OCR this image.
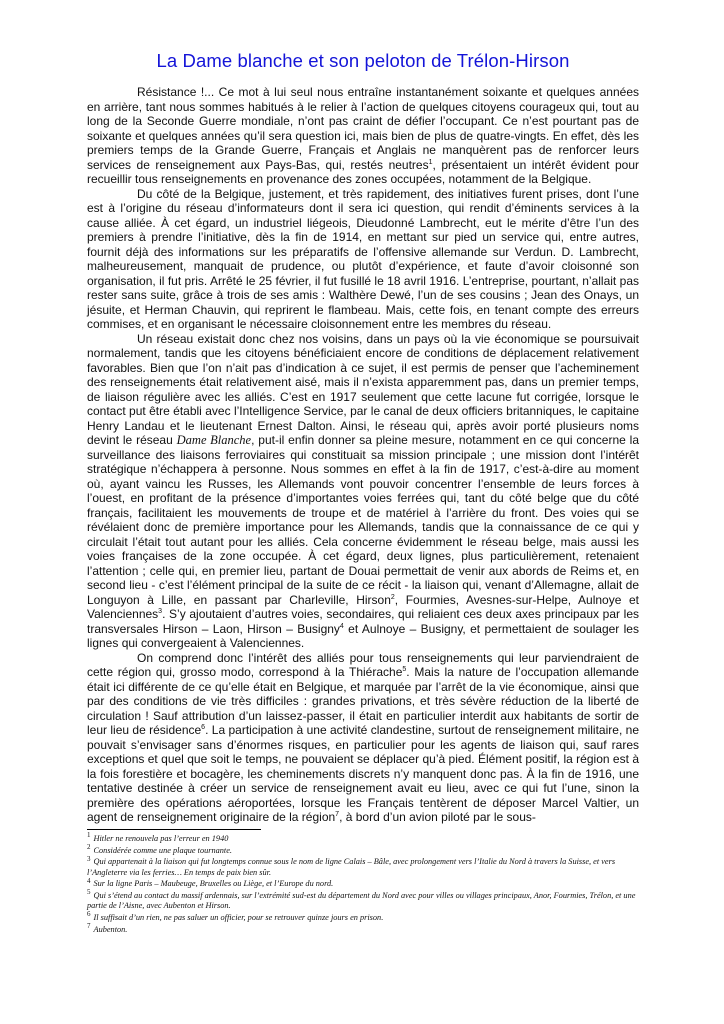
La Dame blanche et son peloton de Trélon-Hirson

Résistance !... Ce mot à lui seul nous entraîne instantanément soixante et quelques années en arrière, tant nous sommes habitués à le relier à l’action de quelques citoyens courageux qui, tout au long de la Seconde Guerre mondiale, n’ont pas craint de défier l’occupant. Ce n’est pourtant pas de soixante et quelques années qu’il sera question ici, mais bien de plus de quatre-vingts. En effet, dès les premiers temps de la Grande Guerre, Français et Anglais ne manquèrent pas de renforcer leurs services de renseignement aux Pays-Bas, qui, restés neutres$^1$, présentaient un intérêt évident pour recueillir tous renseignements en provenance des zones occupées, notamment de la Belgique.

Du côté de la Belgique, justement, et très rapidement, des initiatives furent prises, dont l’une est à l’origine du réseau d’informateurs dont il sera ici question, qui rendit d’éminents services à la cause alliée. À cet égard, un industriel liégeois, Dieudonné Lambrecht, eut le mérite d’être l’un des premiers à prendre l’initiative, dès la fin de 1914, en mettant sur pied un service qui, entre autres, fournit déjà des informations sur les préparatifs de l’offensive allemande sur Verdun. D. Lambrecht, malheureusement, manquait de prudence, ou plutôt d’expérience, et faute d’avoir cloisonné son organisation, il fut pris. Arrêté le 25 février, il fut fusillé le 18 avril 1916. L’entreprise, pourtant, n’allait pas rester sans suite, grâce à trois de ses amis : Walthère Dewé, l’un de ses cousins ; Jean des Onays, un jésuite, et Herman Chauvin, qui reprirent le flambeau. Mais, cette fois, en tenant compte des erreurs commises, et en organisant le nécessaire cloisonnement entre les membres du réseau.

Un réseau existait donc chez nos voisins, dans un pays où la vie économique se poursuivait normalement, tandis que les citoyens bénéficiaient encore de conditions de déplacement relativement favorables. Bien que l’on n’ait pas d’indication à ce sujet, il est permis de penser que l’acheminement des renseignements était relativement aisé, mais il n’exista apparemment pas, dans un premier temps, de liaison régulière avec les alliés. C’est en 1917 seulement que cette lacune fut corrigée, lorsque le contact put être établi avec l’Intelligence Service, par le canal de deux officiers britanniques, le capitaine Henry Landau et le lieutenant Ernest Dalton. Ainsi, le réseau qui, après avoir porté plusieurs noms devint le réseau Dame Blanche, put-il enfin donner sa pleine mesure, notamment en ce qui concerne la surveillance des liaisons ferroviaires qui constituait sa mission principale ; une mission dont l’intérêt stratégique n’échappera à personne. Nous sommes en effet à la fin de 1917, c’est-à-dire au moment où, ayant vaincu les Russes, les Allemands vont pouvoir concentrer l’ensemble de leurs forces à l’ouest, en profitant de la présence d’importantes voies ferrées qui, tant du côté belge que du côté français, facilitaient les mouvements de troupe et de matériel à l’arrière du front. Des voies qui se révélaient donc de première importance pour les Allemands, tandis que la connaissance de ce qui y circulait l’était tout autant pour les alliés. Cela concerne évidemment le réseau belge, mais aussi les voies françaises de la zone occupée. À cet égard, deux lignes, plus particulièrement, retenaient l’attention ; celle qui, en premier lieu, partant de Douai permettait de venir aux abords de Reims et, en second lieu - c’est l’élément principal de la suite de ce récit - la liaison qui, venant d’Allemagne, allait de Longuyon à Lille, en passant par Charleville, Hirson$^2$, Fourmies, Avesnes-sur-Helpe, Aulnoye et Valenciennes$^3$. S’y ajoutaient d’autres voies, secondaires, qui reliaient ces deux axes principaux par les transversales Hirson – Laon, Hirson – Busigny$^4$ et Aulnoye – Busigny, et permettaient de soulager les lignes qui convergeaient à Valenciennes.

On comprend donc l’intérêt des alliés pour tous renseignements qui leur parviendraient de cette région qui, grosso modo, correspond à la Thiérache$^5$. Mais la nature de l’occupation allemande était ici différente de ce qu’elle était en Belgique, et marquée par l’arrêt de la vie économique, ainsi que par des conditions de vie très difficiles : grandes privations, et très sévère réduction de la liberté de circulation ! Sauf attribution d’un laissez-passer, il était en particulier interdit aux habitants de sortir de leur lieu de résidence$^6$. La participation à une activité clandestine, surtout de renseignement militaire, ne pouvait s’envisager sans d’énormes risques, en particulier pour les agents de liaison qui, sauf rares exceptions et quel que soit le temps, ne pouvaient se déplacer qu’à pied. Élément positif, la région est à la fois forestière et bocagère, les cheminements discrets n’y manquent donc pas. À la fin de 1916, une tentative destinée à créer un service de renseignement avait eu lieu, avec ce qui fut l’une, sinon la première des opérations aéroportées, lorsque les Français tentèrent de déposer Marcel Valtier, un agent de renseignement originaire de la région$^7$, à bord d’un avion piloté par le sous-

$^1$ Hitler ne renouvela pas l’erreur en 1940
$^2$ Considérée comme une plaque tournante.
$^3$ Qui appartenait à la liaison qui fut longtemps connue sous le nom de ligne Calais – Bâle, avec prolongement vers l’Italie du Nord à travers la Suisse, et vers l’Angleterre via les ferries… En temps de paix bien sûr.
$^4$ Sur la ligne Paris – Maubeuge, Bruxelles ou Liège, et l’Europe du nord.
$^5$ Qui s’étend au contact du massif ardennais, sur l’extrémité sud-est du département du Nord avec pour villes ou villages principaux, Anor, Fourmies, Trélon, et une partie de l’Aisne, avec Aubenton et Hirson.
$^6$ Il suffisait d’un rien, ne pas saluer un officier, pour se retrouver quinze jours en prison.
$^7$ Aubenton.
